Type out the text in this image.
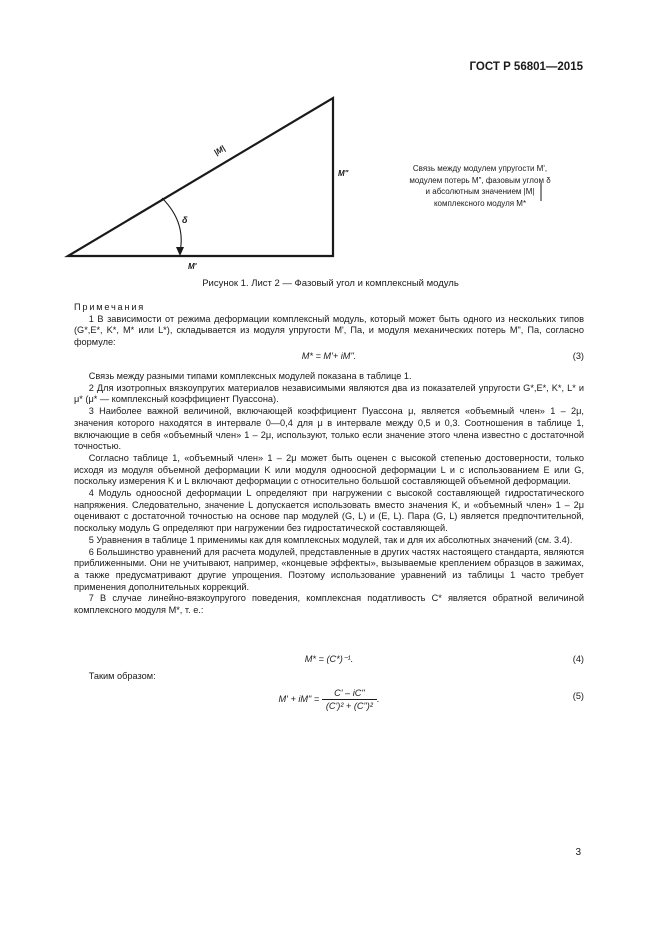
ГОСТ Р 56801—2015
|M|
M"
M'
δ
Связь между модулем упругости M',
модулем потерь M", фазовым углом δ
и абсолютным значением |M|
комплексного модуля M*
Рисунок 1. Лист 2 — Фазовый угол и комплексный модуль

Примечания

1 В зависимости от режима деформации комплексный модуль, который может быть одного из нескольких типов (G*,E*, K*, M* или L*), складывается из модуля упругости M', Па, и модуля механических потерь M", Па, согласно формуле:

M* = M'+ iM".	(3)

Связь между разными типами комплексных модулей показана в таблице 1.

2 Для изотропных вязкоупругих материалов независимыми являются два из показателей упругости G*,E*, K*, L* и μ* (μ* — комплексный коэффициент Пуассона).

3 Наиболее важной величиной, включающей коэффициент Пуассона μ, является «объемный член» 1 – 2μ, значения которого находятся в интервале 0—0,4 для μ в интервале между 0,5 и 0,3. Соотношения в таблице 1, включающие в себя «объемный член» 1 – 2μ, используют, только если значение этого члена известно с достаточной точностью.

Согласно таблице 1, «объемный член» 1 – 2μ может быть оценен с высокой степенью достоверности, только исходя из модуля объемной деформации K или модуля одноосной деформации L и с использованием E или G, поскольку измерения K и L включают деформации с относительно большой составляющей объемной деформации.

4 Модуль одноосной деформации L определяют при нагружении с высокой составляющей гидростатического напряжения. Следовательно, значение L допускается использовать вместо значения K, и «объемный член» 1 – 2μ оценивают с достаточной точностью на основе пар модулей (G, L) и (E, L). Пара (G, L) является предпочтительной, поскольку модуль G определяют при нагружении без гидростатической составляющей.

5 Уравнения в таблице 1 применимы как для комплексных модулей, так и для их абсолютных значений (см. 3.4).

6 Большинство уравнений для расчета модулей, представленные в других частях настоящего стандарта, являются приближенными. Они не учитывают, например, «концевые эффекты», вызываемые креплением образцов в зажимах, а также предусматривают другие упрощения. Поэтому использование уравнений из таблицы 1 часто требует применения дополнительных коррекций.

7 В случае линейно-вязкоупругого поведения, комплексная податливость C* является обратной величиной комплексного модуля M*, т. е.:

M* = (C*)⁻¹.	(4)

Таким образом:

M' + iM" = $\frac{C' - iC"}{\text{(C')² + (C")²}}$ .	(5)
3
